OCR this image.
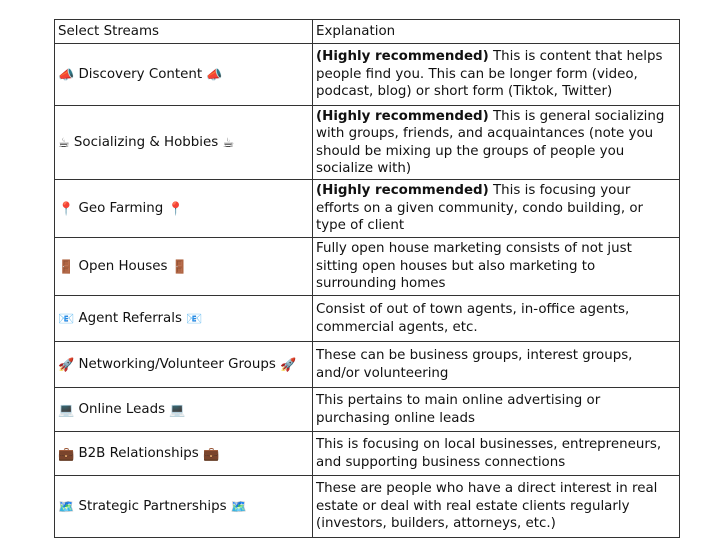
Select Streams	Explanation
📣 Discovery Content 📣	(Highly recommended) This is content that helps people find you. This can be longer form (video, podcast, blog) or short form (Tiktok, Twitter)
☕ Socializing & Hobbies ☕	(Highly recommended) This is general socializing with groups, friends, and acquaintances (note you should be mixing up the groups of people you socialize with)
📍 Geo Farming 📍	(Highly recommended) This is focusing your efforts on a given community, condo building, or type of client
🚪 Open Houses 🚪	Fully open house marketing consists of not just sitting open houses but also marketing to surrounding homes
📧 Agent Referrals 📧	Consist of out of town agents, in-office agents, commercial agents, etc.
🚀 Networking/Volunteer Groups 🚀	These can be business groups, interest groups, and/or volunteering
💻 Online Leads 💻	This pertains to main online advertising or purchasing online leads
💼 B2B Relationships 💼	This is focusing on local businesses, entrepreneurs, and supporting business connections
🗺️ Strategic Partnerships 🗺️	These are people who have a direct interest in real estate or deal with real estate clients regularly (investors, builders, attorneys, etc.)
